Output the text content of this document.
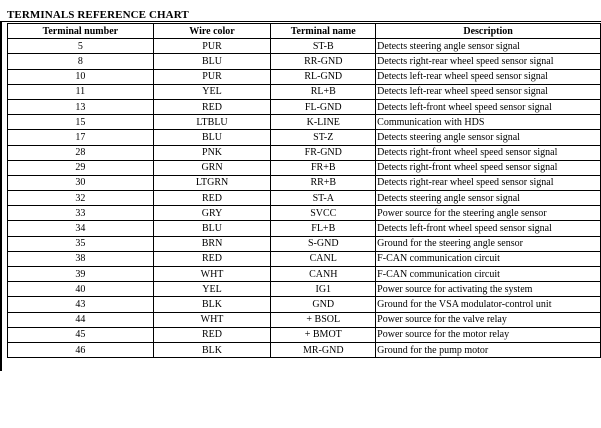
TERMINALS REFERENCE CHART
Terminal number	Wire color	Terminal name	Description
5	PUR	ST-B	Detects steering angle sensor signal
8	BLU	RR-GND	Detects right-rear wheel speed sensor signal
10	PUR	RL-GND	Detects left-rear wheel speed sensor signal
11	YEL	RL+B	Detects left-rear wheel speed sensor signal
13	RED	FL-GND	Detects left-front wheel speed sensor signal
15	LTBLU	K-LINE	Communication with HDS
17	BLU	ST-Z	Detects steering angle sensor signal
28	PNK	FR-GND	Detects right-front wheel speed sensor signal
29	GRN	FR+B	Detects right-front wheel speed sensor signal
30	LTGRN	RR+B	Detects right-rear wheel speed sensor signal
32	RED	ST-A	Detects steering angle sensor signal
33	GRY	SVCC	Power source for the steering angle sensor
34	BLU	FL+B	Detects left-front wheel speed sensor signal
35	BRN	S-GND	Ground for the steering angle sensor
38	RED	CANL	F-CAN communication circuit
39	WHT	CANH	F-CAN communication circuit
40	YEL	IG1	Power source for activating the system
43	BLK	GND	Ground for the VSA modulator-control unit
44	WHT	+ BSOL	Power source for the valve relay
45	RED	+ BMOT	Power source for the motor relay
46	BLK	MR-GND	Ground for the pump motor
